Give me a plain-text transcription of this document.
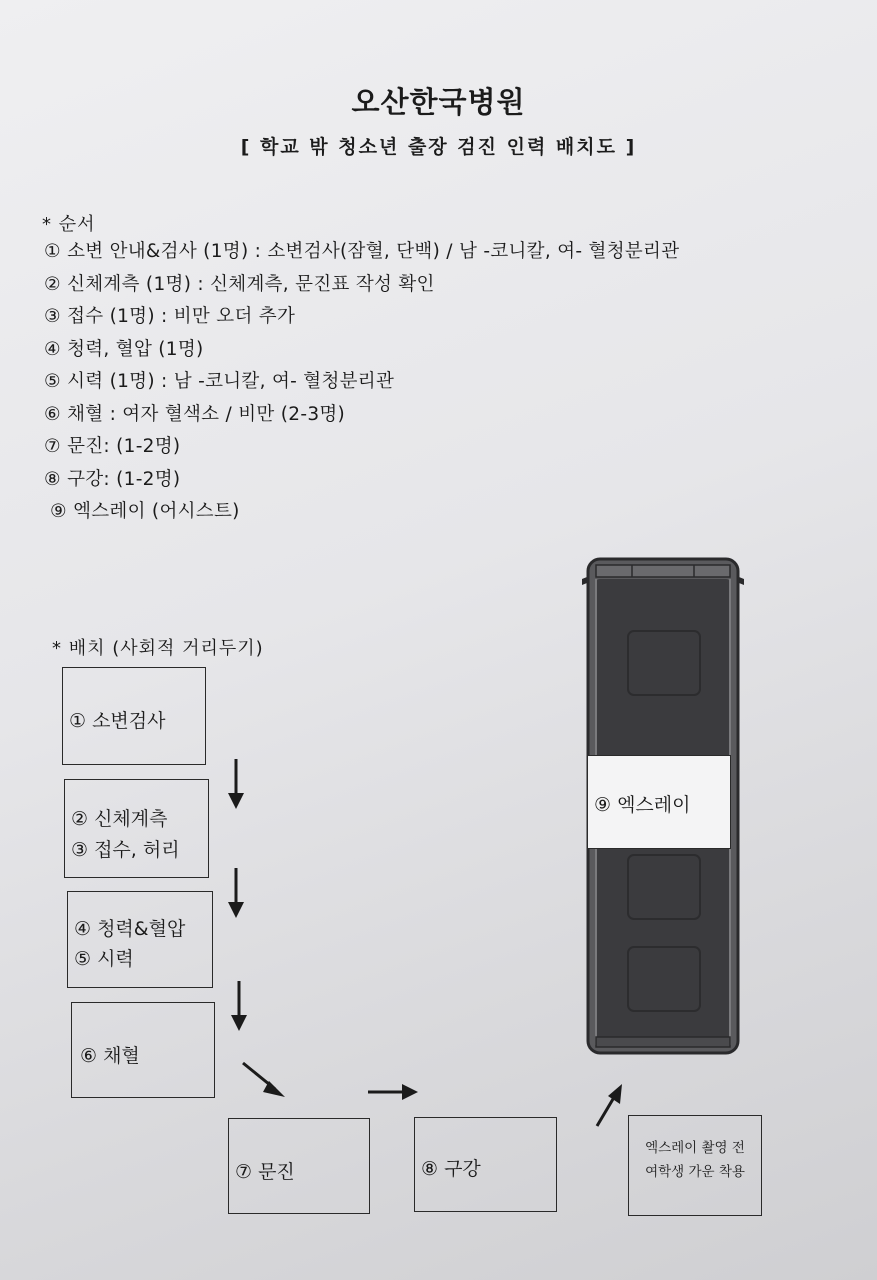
오산한국병원
[ 학교 밖 청소년 출장 검진 인력 배치도 ]
* 순서
① 소변 안내&검사 (1명) : 소변검사(잠혈, 단백) / 남 -코니칼, 여- 혈청분리관
② 신체계측 (1명) : 신체계측, 문진표 작성 확인
③ 접수 (1명) : 비만 오더 추가
④ 청력, 혈압 (1명)
⑤ 시력 (1명) : 남 -코니칼, 여- 혈청분리관
⑥ 채혈 : 여자 혈색소 / 비만 (2-3명)
⑦ 문진: (1-2명)
⑧ 구강: (1-2명)
⑨ 엑스레이 (어시스트)
* 배치 (사회적 거리두기)
① 소변검사
② 신체계측
③ 접수, 허리
④ 청력&혈압
⑤ 시력
⑥ 채혈
⑦ 문진	⑧ 구강
엑스레이 촬영 전
여학생 가운 착용
⑨ 엑스레이
